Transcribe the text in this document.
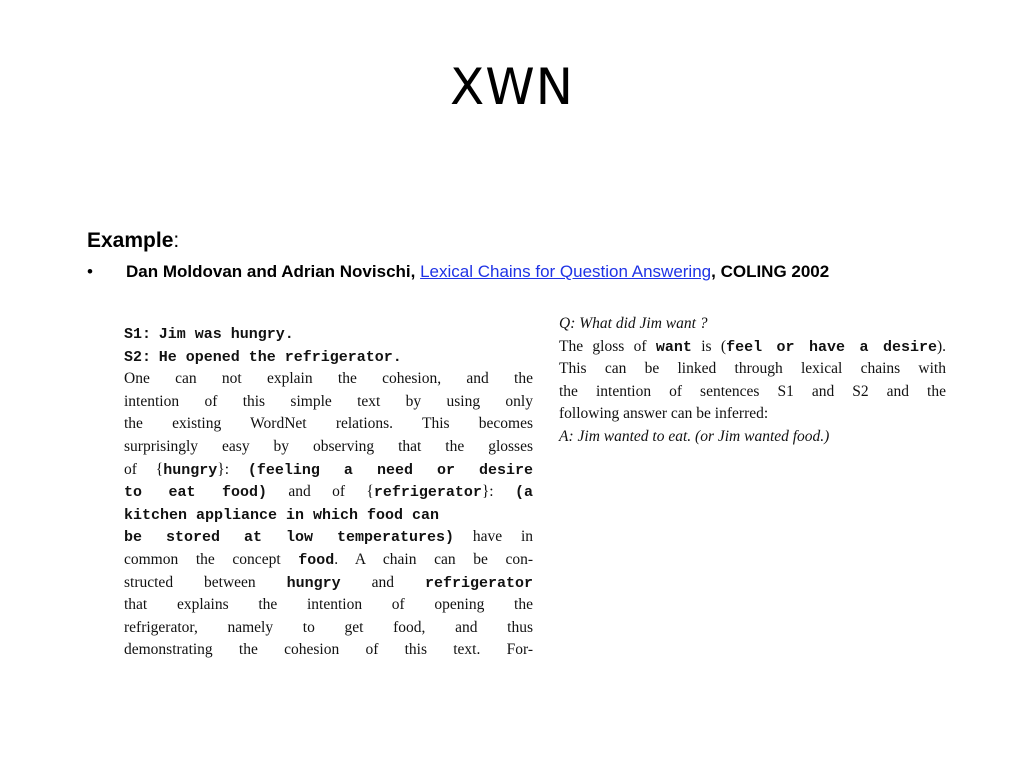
XWN
Example:
• Dan Moldovan and Adrian Novischi, Lexical Chains for Question Answering, COLING 2002
S1: Jim was hungry.
S2: He opened the refrigerator.
One can not explain the cohesion, and the
intention of this simple text by using only
the existing WordNet relations. This becomes
surprisingly easy by observing that the glosses
of {hungry}: (feeling a need or desire
to eat food) and of {refrigerator}: (a
kitchen appliance in which food can
be stored at low temperatures) have in
common the concept food. A chain can be con-
structed between hungry and refrigerator
that explains the intention of opening the
refrigerator, namely to get food, and thus
demonstrating the cohesion of this text. For-
Q: What did Jim want ?
The gloss of want is (feel or have a desire).
This can be linked through lexical chains with
the intention of sentences S1 and S2 and the
following answer can be inferred:
A: Jim wanted to eat. (or Jim wanted food.)
